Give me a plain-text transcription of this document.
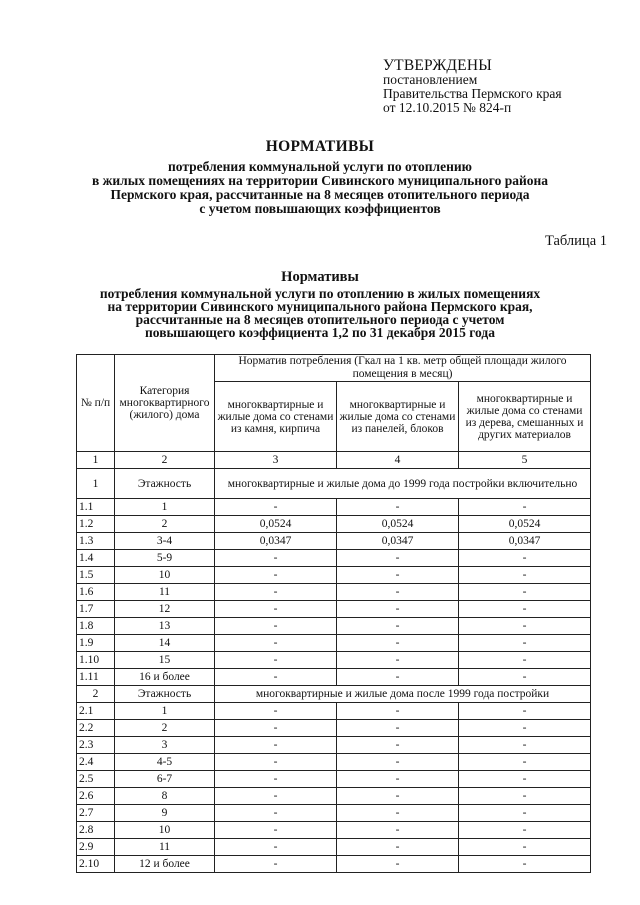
УТВЕРЖДЕНЫ
постановлением
Правительства Пермского края
от 12.10.2015 № 824-п
НОРМАТИВЫ
потребления коммунальной услуги по отоплению
в жилых помещениях на территории Сивинского муниципального района
Пермского края, рассчитанные на 8 месяцев отопительного периода
с учетом повышающих коэффициентов
Таблица 1
Нормативы
потребления коммунальной услуги по отоплению в жилых помещениях
на территории Сивинского муниципального района Пермского края,
рассчитанные на 8 месяцев отопительного периода с учетом
повышающего коэффициента 1,2 по 31 декабря 2015 года
№ п/п	Категория многоквартирного (жилого) дома	Норматив потребления (Гкал на 1 кв. метр общей площади жилого помещения в месяц)		
		многоквартирные и жилые дома со стенами из камня, кирпича	многоквартирные и жилые дома со стенами из панелей, блоков	многоквартирные и жилые дома со стенами из дерева, смешанных и других материалов
1	2	3	4	5
1	Этажность	многоквартирные и жилые дома до 1999 года постройки включительно		
1.1	1	-	-	-
1.2	2	0,0524	0,0524	0,0524
1.3	3-4	0,0347	0,0347	0,0347
1.4	5-9	-	-	-
1.5	10	-	-	-
1.6	11	-	-	-
1.7	12	-	-	-
1.8	13	-	-	-
1.9	14	-	-	-
1.10	15	-	-	-
1.11	16 и более	-	-	-
2	Этажность	многоквартирные и жилые дома после 1999 года постройки		
2.1	1	-	-	-
2.2	2	-	-	-
2.3	3	-	-	-
2.4	4-5	-	-	-
2.5	6-7	-	-	-
2.6	8	-	-	-
2.7	9	-	-	-
2.8	10	-	-	-
2.9	11	-	-	-
2.10	12 и более	-	-	-
